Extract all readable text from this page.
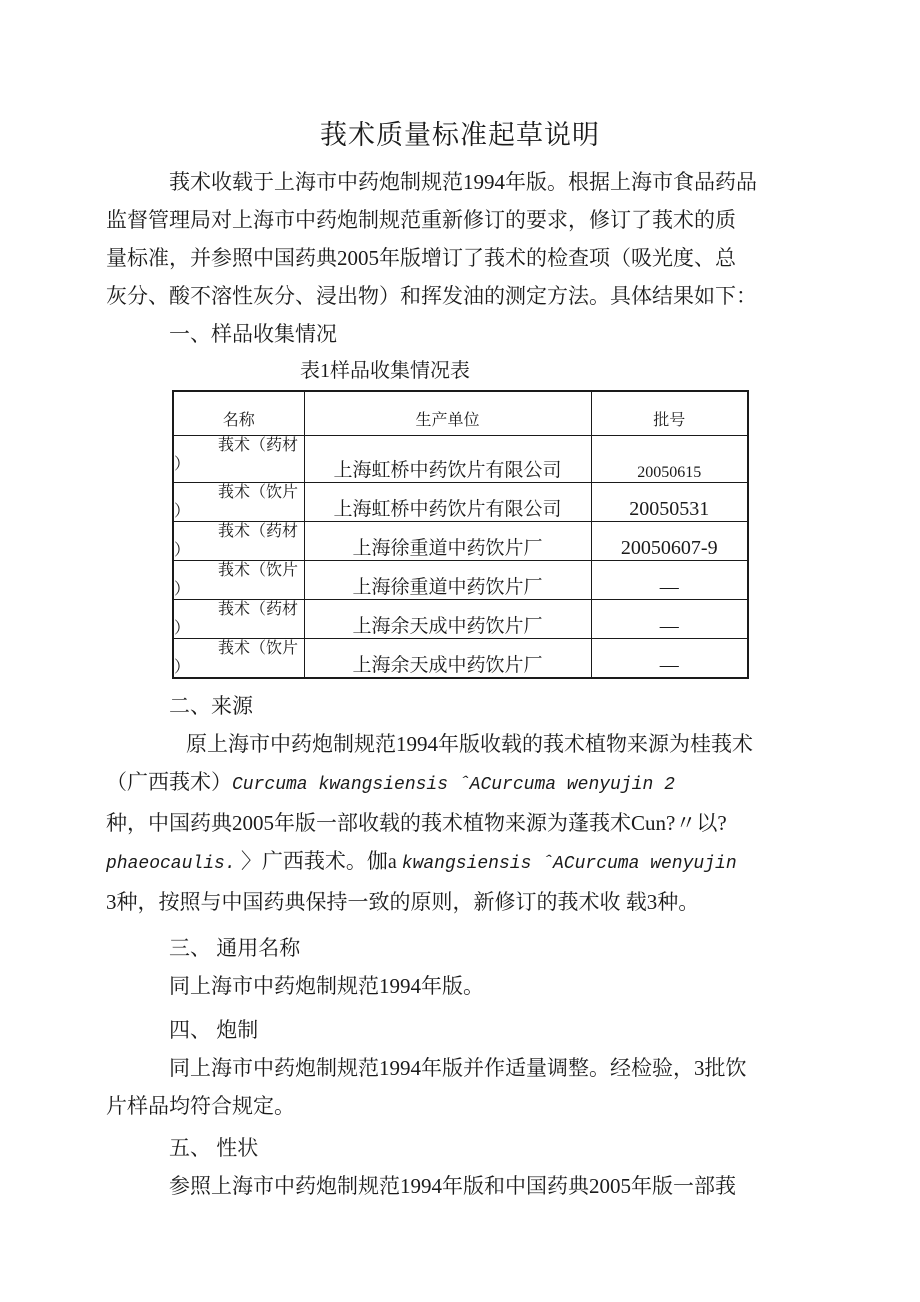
莪术质量标准起草说明
莪术收载于上海市中药炮制规范1994年版。根据上海市食品药品
监督管理局对上海市中药炮制规范重新修订的要求，修订了莪术的质
量标准，并参照中国药典2005年版增订了莪术的检查项（吸光度、总
灰分、酸不溶性灰分、浸出物）和挥发油的测定方法。具体结果如下：
一、样品收集情况
表1样品收集情况表
名称	生产单位	批号

莪术（药材
）	上海虹桥中药饮片有限公司	20050615

莪术（饮片
）	上海虹桥中药饮片有限公司	20050531

莪术（药材
）	上海徐重道中药饮片厂	20050607-9

莪术（饮片
）	上海徐重道中药饮片厂	—

莪术（药材
）	上海余天成中药饮片厂	—

莪术（饮片
）	上海余天成中药饮片厂	—
二、来源
原上海市中药炮制规范1994年版收载的莪术植物来源为桂莪术
（广西莪术）Curcuma kwangsiensis ˆACurcuma wenyujin 2
种，中国药典2005年版一部收载的莪术植物来源为蓬莪术Cun?〃以?
phaeocaulis. 〉广西莪术。伽a kwangsiensis ˆACurcuma wenyujin
3种，按照与中国药典保持一致的原则，新修订的莪术收 载3种。
三、 通用名称

同上海市中药炮制规范1994年版。

四、 炮制
同上海市中药炮制规范1994年版并作适量调整。经检验，3批饮
片样品均符合规定。
五、 性状

参照上海市中药炮制规范1994年版和中国药典2005年版一部莪
